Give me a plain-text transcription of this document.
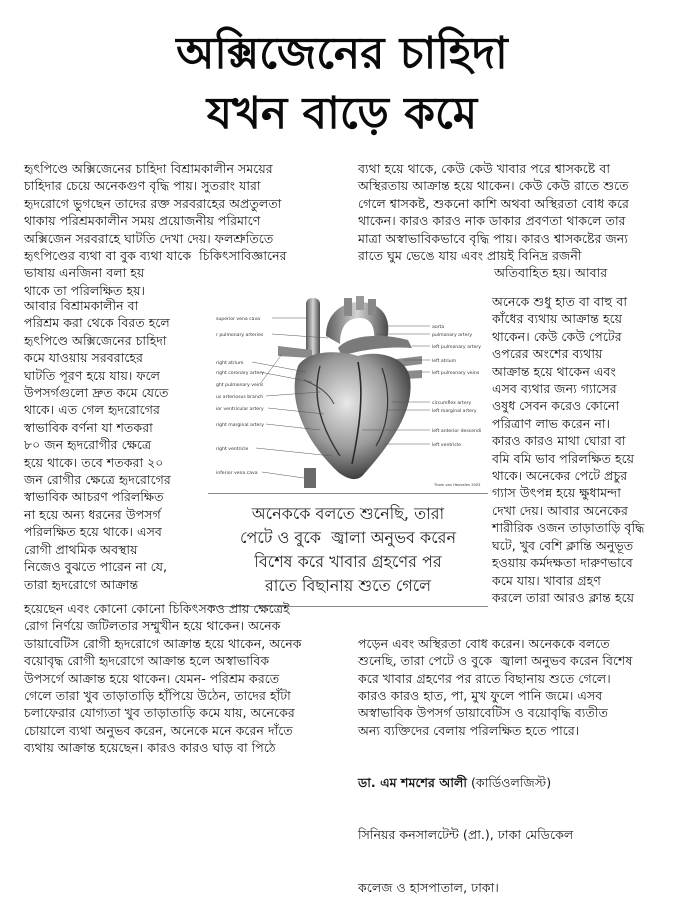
অক্সিজেনের চাহিদা
যখন বাড়ে কমে
হৃৎপিণ্ডে অক্সিজেনের চাহিদা বিশ্রামকালীন সময়ের
চাহিদার চেয়ে অনেকগুণ বৃদ্ধি পায়। সুতরাং যারা
হৃদরোগে ভুগছেন তাদের রক্ত সরবরাহের অপ্রতুলতা
থাকায় পরিশ্রমকালীন সময় প্রয়োজনীয় পরিমাণে
অক্সিজেন সরবরাহে ঘাটতি দেখা দেয়। ফলশ্রুতিতে
হৃৎপিণ্ডের ব্যথা বা বুক ব্যথা যাকে  চিকিৎসাবিজ্ঞানের
ভাষায় এনজিনা বলা হয়
থাকে তা পরিলক্ষিত হয়।
ব্যথা হয়ে থাকে, কেউ কেউ খাবার পরে শ্বাসকষ্টে বা
অস্থিরতায় আক্রান্ত হয়ে থাকেন। কেউ কেউ রাতে শুতে
গেলে শ্বাসকষ্ট, শুকনো কাশি অথবা অস্থিরতা বোধ করে
থাকেন। কারও কারও নাক ডাকার প্রবণতা থাকলে তার
মাত্রা অস্বাভাবিকভাবে বৃদ্ধি পায়। কারও শ্বাসকষ্টের জন্য
রাতে ঘুম ভেঙে যায় এবং প্রায়ই বিনিদ্র রজনী
অতিবাহিত হয়। আবার
আবার বিশ্রামকালীন বা
পরিশ্রম করা থেকে বিরত হলে
হৃৎপিণ্ডে অক্সিজেনের চাহিদা
কমে যাওয়ায় সরবরাহের
ঘাটতি পূরণ হয়ে যায়। ফলে
উপসর্গগুলো দ্রুত কমে যেতে
থাকে। এত গেল হৃদরোগের
স্বাভাবিক বর্ণনা যা শতকরা
৮০ জন হৃদরোগীর ক্ষেত্রে
হয়ে থাকে। তবে শতকরা ২০
জন রোগীর ক্ষেত্রে হৃদরোগের
স্বাভাবিক আচরণ পরিলক্ষিত
না হয়ে অন্য ধরনের উপসর্গ
পরিলক্ষিত হয়ে থাকে। এসব
রোগী প্রাথমিক অবস্থায়
নিজেও বুঝতে পারেন না যে,
তারা হৃদরোগে আক্রান্ত
অনেকে শুধু হাত বা বাহু বা
কাঁধের ব্যথায় আক্রান্ত হয়ে
থাকেন। কেউ কেউ পেটের
ওপরের অংশের ব্যথায়
আক্রান্ত হয়ে থাকেন এবং
এসব ব্যথার জন্য গ্যাসের
ওষুধ সেবন করেও কোনো
পরিত্রাণ লাভ করেন না।
কারও কারও মাথা ঘোরা বা
বমি বমি ভাব পরিলক্ষিত হয়ে
থাকে। অনেকের পেটে প্রচুর
গ্যাস উৎপন্ন হয়ে ক্ষুধামন্দা
দেখা দেয়। আবার অনেকের
শারীরিক ওজন তাড়াতাড়ি বৃদ্ধি
ঘটে, খুব বেশি ক্লান্তি অনুভূত
হওয়ায় কর্মদক্ষতা দারুণভাবে
কমে যায়। খাবার গ্রহণ
করলে তারা আরও ক্লান্ত হয়ে
superior vena cava
r pulmonary arteries
right atrium
right coronary artery
ght pulmonary veins
us arteriosus branch
ior ventricular artery
right marginal artery
right ventricle
inferior vena cava
aorta
pulmonary artery
left pulmonary artery
left atrium
left pulmonary veins
circumflex artery
left marginal artery
left anterior descendi
left ventricle
Thom van Heuvelen 2003
অনেককে বলতে শুনেছি, তারা
পেটে ও বুকে  জ্বালা অনুভব করেন
বিশেষ করে খাবার গ্রহণের পর
রাতে বিছানায় শুতে গেলে
হয়েছেন এবং কোনো কোনো চিকিৎসকও প্রায় ক্ষেত্রেই
রোগ নির্ণয়ে জটিলতার সম্মুখীন হয়ে থাকেন। অনেক
ডায়াবেটিস রোগী হৃদরোগে আক্রান্ত হয়ে থাকেন, অনেক
বয়োবৃদ্ধ রোগী হৃদরোগে আক্রান্ত হলে অস্বাভাবিক
উপসর্গে আক্রান্ত হয়ে থাকেন। যেমন- পরিশ্রম করতে
গেলে তারা খুব তাড়াতাড়ি হাঁপিয়ে উঠেন, তাদের হাঁটা
চলাফেরার যোগ্যতা খুব তাড়াতাড়ি কমে যায়, অনেকের
চোয়ালে ব্যথা অনুভব করেন, অনেকে মনে করেন দাঁতে
ব্যথায় আক্রান্ত হয়েছেন। কারও কারও ঘাড় বা পিঠে

পড়েন এবং অস্থিরতা বোধ করেন। অনেককে বলতে
শুনেছি, তারা পেটে ও বুকে  জ্বালা অনুভব করেন বিশেষ
করে খাবার গ্রহণের পর রাতে বিছানায় শুতে গেলে।
কারও কারও হাত, পা, মুখ ফুলে পানি জমে। এসব
অস্বাভাবিক উপসর্গ ডায়াবেটিস ও বয়োবৃদ্ধি ব্যতীত
অন্য ব্যক্তিদের বেলায় পরিলক্ষিত হতে পারে।

ডা. এম শমশের আলী (কার্ডিওলজিস্ট)

সিনিয়র কনসালটেন্ট (প্রা.), ঢাকা মেডিকেল

কলেজ ও হাসপাতাল, ঢাকা।
